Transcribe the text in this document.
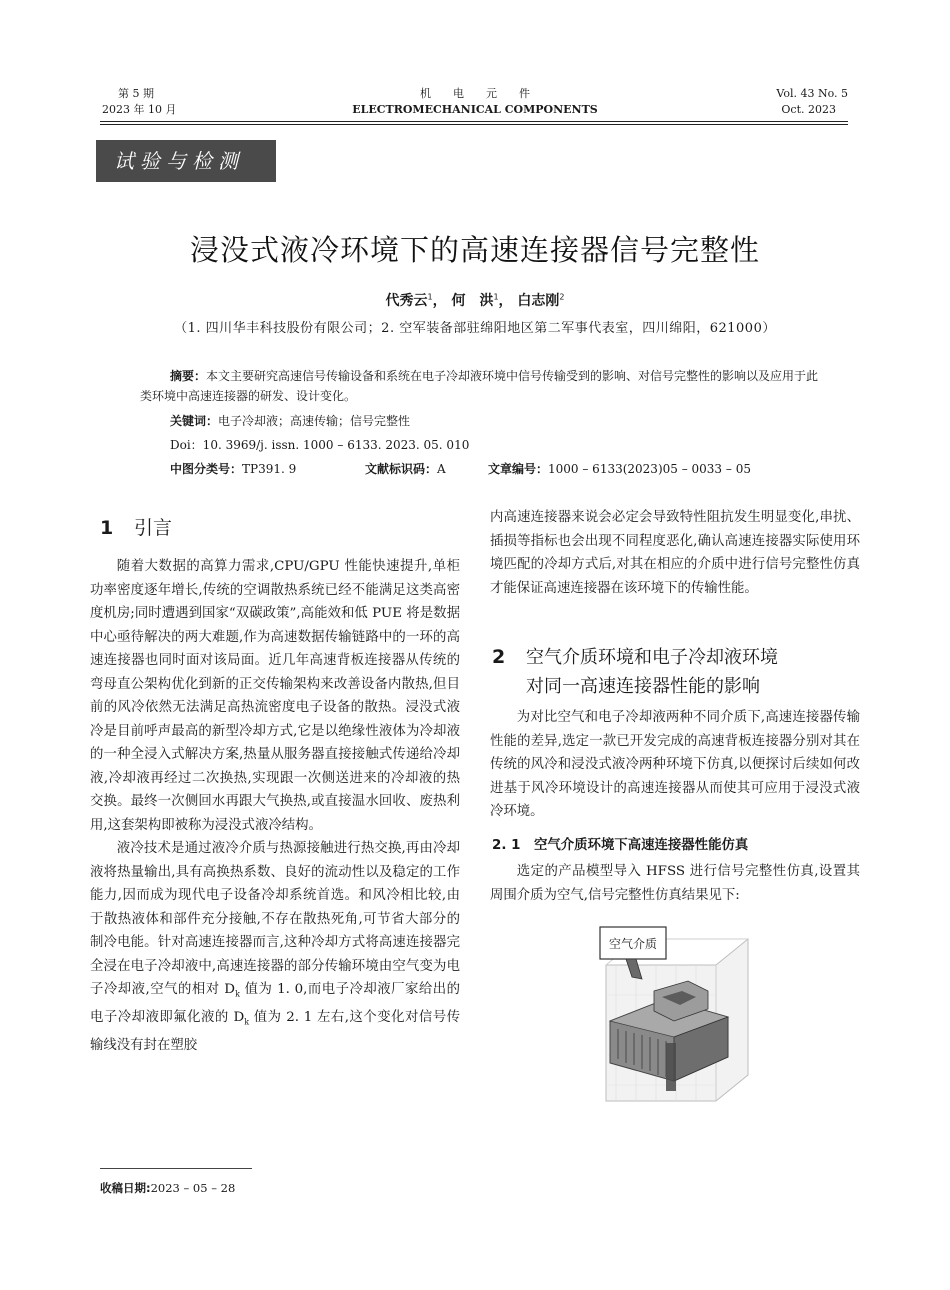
第 5 期
2023 年 10 月
机　　电　　元　　件
ELECTROMECHANICAL COMPONENTS
Vol. 43 No. 5
Oct. 2023
试验与检测
浸没式液冷环境下的高速连接器信号完整性
代秀云$^1$， 何　洪$^1$， 白志刚$^2$
（1. 四川华丰科技股份有限公司；2. 空军装备部驻绵阳地区第二军事代表室，四川绵阳，621000）
摘要：本文主要研究高速信号传输设备和系统在电子冷却液环境中信号传输受到的影响、对信号完整性的影响以及应用于此类环境中高速连接器的研发、设计变化。
关键词：电子冷却液；高速传输；信号完整性
Doi：10. 3969/j. issn. 1000 – 6133. 2023. 05. 010
中图分类号：TP391. 9	文献标识码：A	文章编号：1000 – 6133(2023)05 – 0033 – 05
1 引言

随着大数据的高算力需求,CPU/GPU 性能快速提升,单柜功率密度逐年增长,传统的空调散热系统已经不能满足这类高密度机房;同时遭遇到国家“双碳政策”,高能效和低 PUE 将是数据中心亟待解决的两大难题,作为高速数据传输链路中的一环的高速连接器也同时面对该局面。近几年高速背板连接器从传统的弯母直公架构优化到新的正交传输架构来改善设备内散热,但目前的风冷依然无法满足高热流密度电子设备的散热。浸没式液冷是目前呼声最高的新型冷却方式,它是以绝缘性液体为冷却液的一种全浸入式解决方案,热量从服务器直接接触式传递给冷却液,冷却液再经过二次换热,实现跟一次侧送进来的冷却液的热交换。最终一次侧回水再跟大气换热,或直接温水回收、废热利用,这套架构即被称为浸没式液冷结构。

液冷技术是通过液冷介质与热源接触进行热交换,再由冷却液将热量输出,具有高换热系数、良好的流动性以及稳定的工作能力,因而成为现代电子设备冷却系统首选。和风冷相比较,由于散热液体和部件充分接触,不存在散热死角,可节省大部分的制冷电能。针对高速连接器而言,这种冷却方式将高速连接器完全浸在电子冷却液中,高速连接器的部分传输环境由空气变为电子冷却液,空气的相对 $D_k$ 值为 1. 0,而电子冷却液厂家给出的电子冷却液即氟化液的 $D_k$ 值为 2. 1 左右,这个变化对信号传输线没有封在塑胶

收稿日期:2023 – 05 – 28

内高速连接器来说会必定会导致特性阻抗发生明显变化,串扰、插损等指标也会出现不同程度恶化,确认高速连接器实际使用环境匹配的冷却方式后,对其在相应的介质中进行信号完整性仿真才能保证高速连接器在该环境下的传输性能。

2 空气介质环境和电子冷却液环境
对同一高速连接器性能的影响

为对比空气和电子冷却液两种不同介质下,高速连接器传输性能的差异,选定一款已开发完成的高速背板连接器分别对其在传统的风冷和浸没式液冷两种环境下仿真,以便探讨后续如何改进基于风冷环境设计的高速连接器从而使其可应用于浸没式液冷环境。

2. 1 空气介质环境下高速连接器性能仿真

选定的产品模型导入 HFSS 进行信号完整性仿真,设置其周围介质为空气,信号完整性仿真结果见下:

空气介质
